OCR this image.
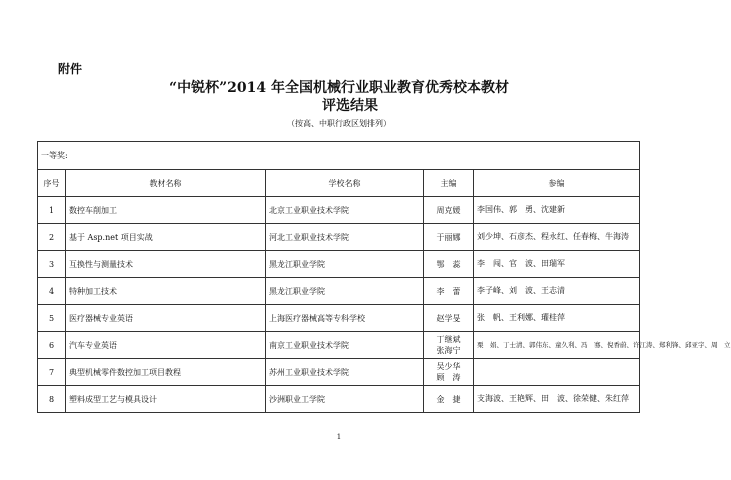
附件
“中锐杯”2014 年全国机械行业职业教育优秀校本教材
评选结果
（按高、中职行政区划排列）
一等奖:				
序号	教材名称	学校名称	主编	参编
1	数控车削加工	北京工业职业技术学院	周克媛	李国伟、郭　勇、沈建新
2	基于 Asp.net 项目实战	河北工业职业技术学院	于丽娜	刘少坤、石彦杰、程永红、任春梅、牛海涛
3	互换性与测量技术	黑龙江职业学院	鄂　蕊	李　闯、官　波、田瑞军
4	特种加工技术	黑龙江职业学院	李　蕾	李子峰、刘　波、王志清
5	医疗器械专业英语	上海医疗器械高等专科学校	赵学旻	张　帆、王利娜、瓘桂萍
6	汽车专业英语	南京工业职业技术学院	丁继斌
张海宁	栗　娟、丁士清、郭伟东、童久利、冯　骞、倪香蔚、许江涛、郑利锋、邱亚宇、周　立
7	典型机械零件数控加工项目教程	苏州工业职业技术学院	吴少华
顾　涛	
8	塑料成型工艺与模具设计	沙洲职业工学院	金　捷	支海波、王艳辉、田　波、徐荣健、朱红萍
1
